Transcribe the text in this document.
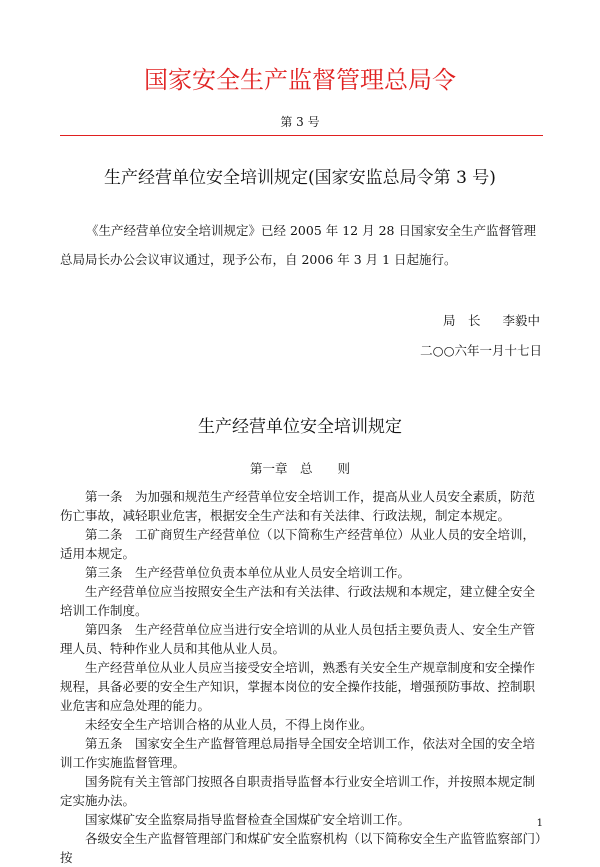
国家安全生产监督管理总局令
第 3 号
生产经营单位安全培训规定(国家安监总局令第 3 号)

《生产经营单位安全培训规定》已经 2005 年 12 月 28 日国家安全生产监督管理总局局长办公会议审议通过，现予公布，自 2006 年 3 月 1 日起施行。

局　长 李毅中
二○○六年一月十七日
生产经营单位安全培训规定
第一章　总　　则

第一条　为加强和规范生产经营单位安全培训工作，提高从业人员安全素质，防范伤亡事故，减轻职业危害，根据安全生产法和有关法律、行政法规，制定本规定。

第二条　工矿商贸生产经营单位（以下简称生产经营单位）从业人员的安全培训，适用本规定。

第三条　生产经营单位负责本单位从业人员安全培训工作。

生产经营单位应当按照安全生产法和有关法律、行政法规和本规定，建立健全安全培训工作制度。

第四条　生产经营单位应当进行安全培训的从业人员包括主要负责人、安全生产管理人员、特种作业人员和其他从业人员。

生产经营单位从业人员应当接受安全培训，熟悉有关安全生产规章制度和安全操作规程，具备必要的安全生产知识，掌握本岗位的安全操作技能，增强预防事故、控制职业危害和应急处理的能力。

未经安全生产培训合格的从业人员，不得上岗作业。

第五条　国家安全生产监督管理总局指导全国安全培训工作，依法对全国的安全培训工作实施监督管理。

国务院有关主管部门按照各自职责指导监督本行业安全培训工作，并按照本规定制定实施办法。

国家煤矿安全监察局指导监督检查全国煤矿安全培训工作。

各级安全生产监督管理部门和煤矿安全监察机构（以下简称安全生产监管监察部门）按

1
